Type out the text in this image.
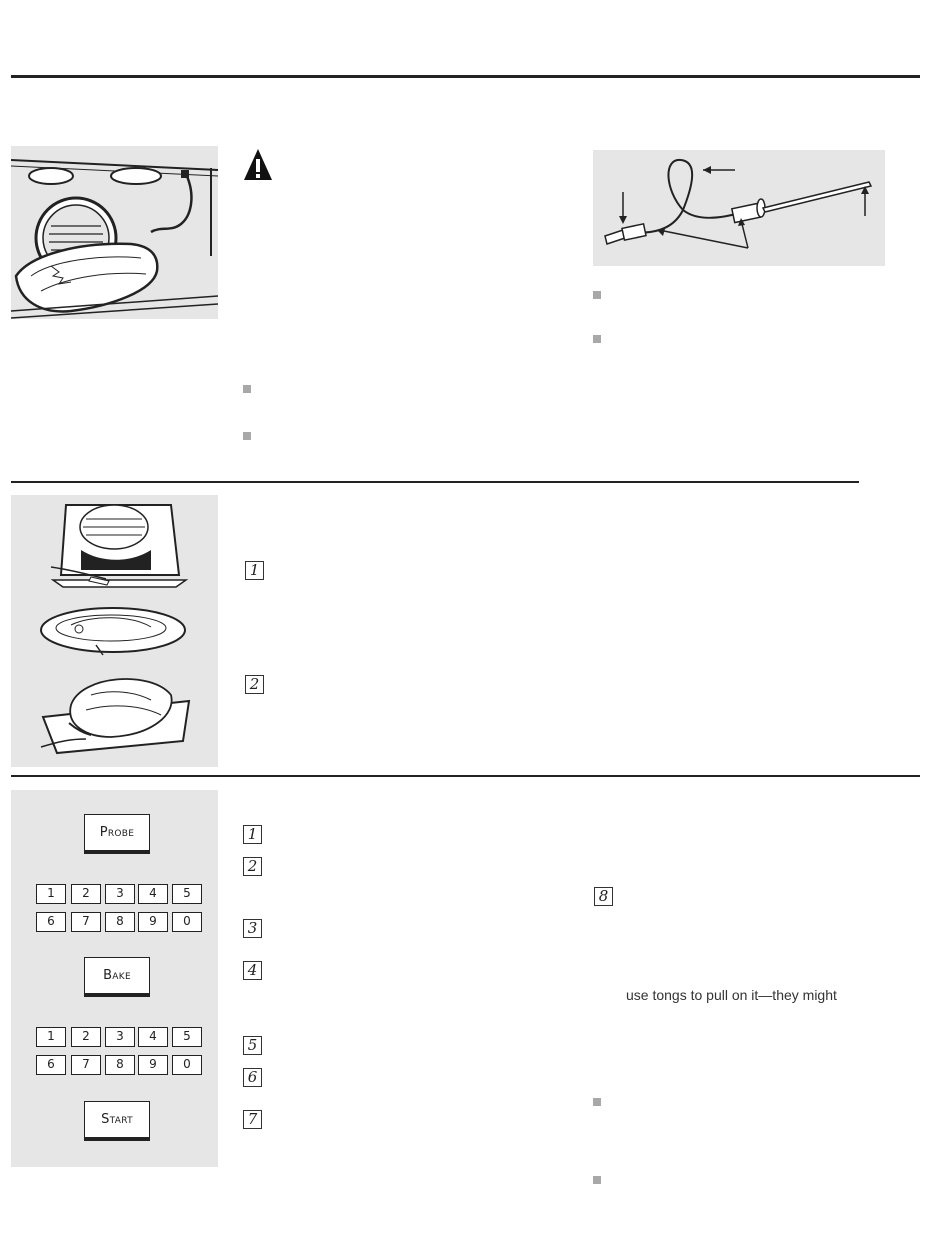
1
2
Probe
1	2	3	4	5
6	7	8	9	0
Bake
1	2	3	4	5
6	7	8	9	0
Start
1
2
3
4
5
6
7
8
use tongs to pull on it—they might
